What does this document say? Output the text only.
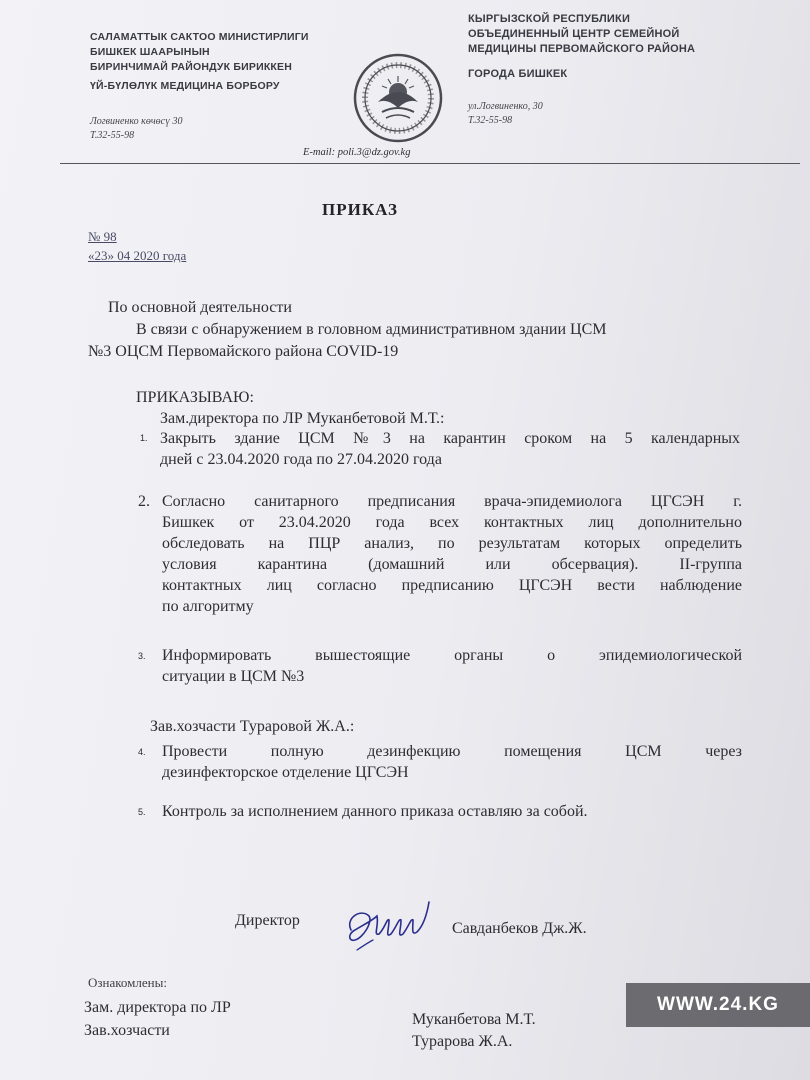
САЛАМАТТЫК САКТОО МИНИСТИРЛИГИ
БИШКЕК ШААРЫНЫН
БИРИНЧИМАЙ РАЙОНДУК БИРИККЕН
ҮЙ-БҮЛӨЛҮК МЕДИЦИНА БОРБОРУ
Логвиненко көчөсү 30
Т.32-55-98
КЫРГЫЗСКОЙ РЕСПУБЛИКИ
ОБЪЕДИНЕННЫЙ ЦЕНТР СЕМЕЙНОЙ
МЕДИЦИНЫ ПЕРВОМАЙСКОГО РАЙОНА
ГОРОДА БИШКЕК
ул.Логвиненко, 30
Т.32-55-98
E-mail: poli.3@dz.gov.kg
ПРИКАЗ
№ 98
«23» 04 2020 года
По основной деятельности
В связи с обнаружением в головном административном здании ЦСМ
№3 ОЦСМ Первомайского района COVID-19
ПРИКАЗЫВАЮ:
Зам.директора по ЛР Муканбетовой М.Т.:
1. Закрыть здание ЦСМ №3 на карантин сроком на 5 календарных
дней с 23.04.2020 года по 27.04.2020 года
2. Согласно санитарного предписания врача-эпидемиолога ЦГСЭН г.
Бишкек от 23.04.2020 года всех контактных лиц дополнительно
обследовать на ПЦР анализ, по результатам которых определить
условия карантина (домашний или обсервация). II-группа
контактных лиц согласно предписанию ЦГСЭН вести наблюдение
по алгоритму
3. Информировать вышестоящие органы о эпидемиологической
ситуации в ЦСМ №3
Зав.хозчасти Тураровой Ж.А.:
4. Провести полную дезинфекцию помещения ЦСМ через
дезинфекторское отделение ЦГСЭН
5. Контроль за исполнением данного приказа оставляю за собой.
Директор	Савданбеков Дж.Ж.
Ознакомлены:
Зам. директора по ЛР
Зав.хозчасти
Муканбетова М.Т.
Турарова Ж.А.
WWW.24.KG
